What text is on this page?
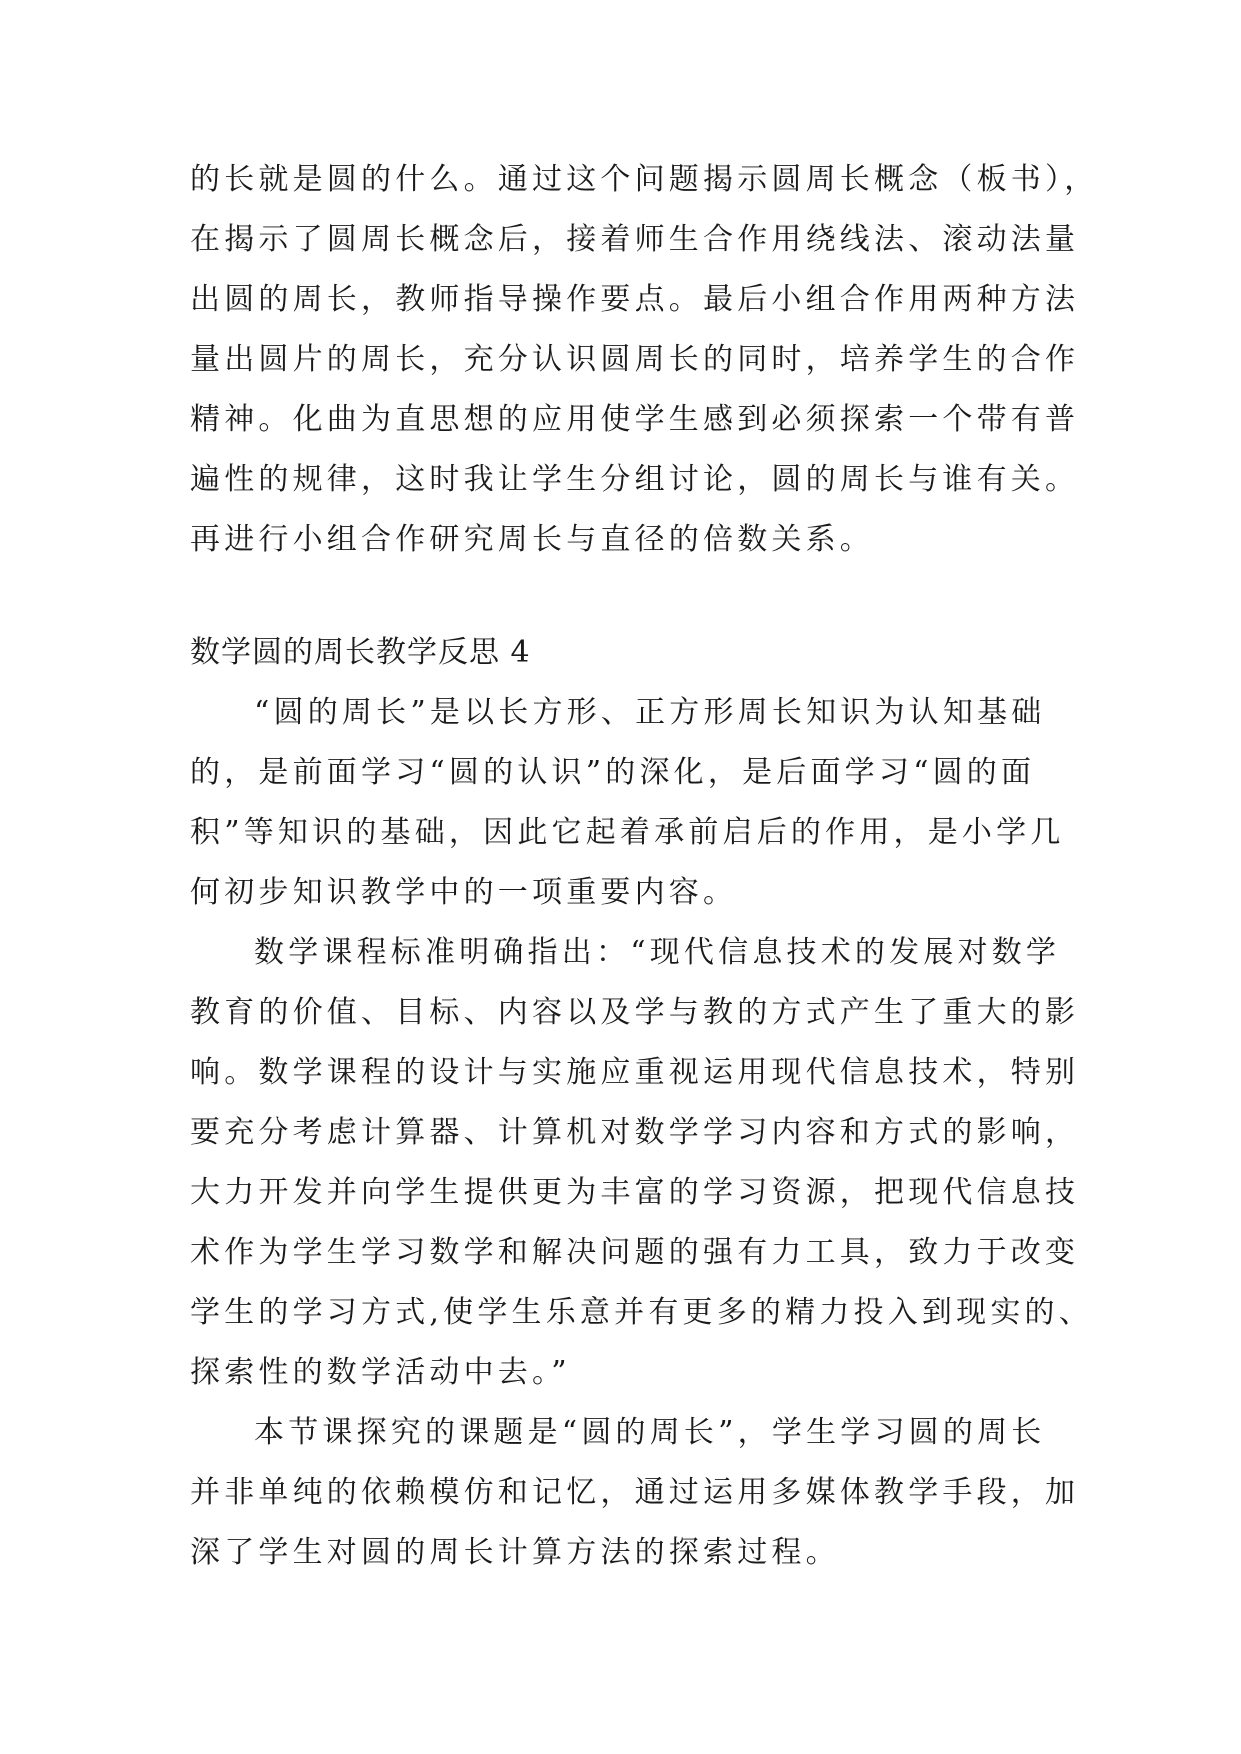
的长就是圆的什么。通过这个问题揭示圆周长概念（板书），
在揭示了圆周长概念后，接着师生合作用绕线法、滚动法量
出圆的周长，教师指导操作要点。最后小组合作用两种方法
量出圆片的周长，充分认识圆周长的同时，培养学生的合作
精神。化曲为直思想的应用使学生感到必须探索一个带有普
遍性的规律，这时我让学生分组讨论，圆的周长与谁有关。
再进行小组合作研究周长与直径的倍数关系。
数学圆的周长教学反思 4
“圆的周长”是以长方形、正方形周长知识为认知基础
的，是前面学习“圆的认识”的深化，是后面学习“圆的面
积”等知识的基础，因此它起着承前启后的作用，是小学几
何初步知识教学中的一项重要内容。
数学课程标准明确指出：“现代信息技术的发展对数学
教育的价值、目标、内容以及学与教的方式产生了重大的影
响。数学课程的设计与实施应重视运用现代信息技术，特别
要充分考虑计算器、计算机对数学学习内容和方式的影响，
大力开发并向学生提供更为丰富的学习资源，把现代信息技
术作为学生学习数学和解决问题的强有力工具，致力于改变
学生的学习方式,使学生乐意并有更多的精力投入到现实的、
探索性的数学活动中去。”
本节课探究的课题是“圆的周长”，学生学习圆的周长
并非单纯的依赖模仿和记忆，通过运用多媒体教学手段，加
深了学生对圆的周长计算方法的探索过程。
